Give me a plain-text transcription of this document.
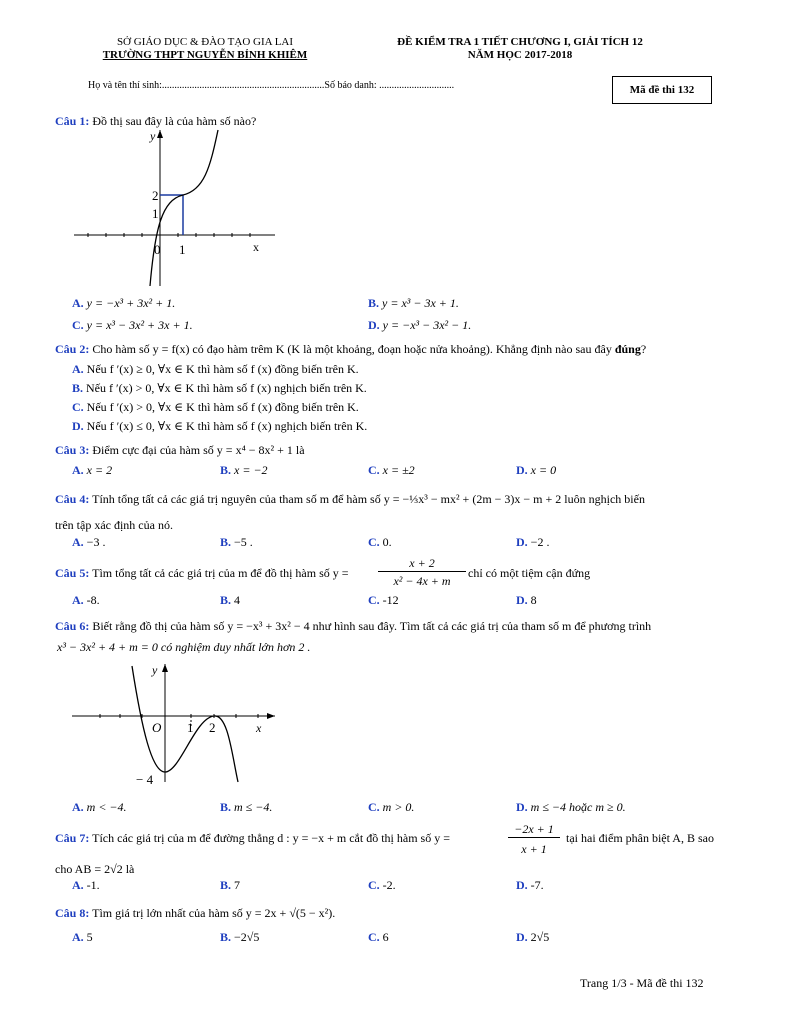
SỞ GIÁO DỤC & ĐÀO TẠO GIA LAI
TRƯỜNG THPT NGUYỄN BỈNH KHIÊM
ĐỀ KIỂM TRA 1 TIẾT CHƯƠNG I, GIẢI TÍCH 12
NĂM HỌC 2017-2018
Họ và tên thí sinh:.................................................................Số báo danh: ..............................	Mã đề thi 132
Câu 1: Đồ thị sau đây là của hàm số nào?
y
x
2
1
0 1
A. y = −x³ + 3x² + 1.	B. y = x³ − 3x + 1.
C. y = x³ − 3x² + 3x + 1.	D. y = −x³ − 3x² − 1.
Câu 2: Cho hàm số y = f(x) có đạo hàm trêm K (K là một khoảng, đoạn hoặc nửa khoảng). Khẳng định nào sau đây đúng?
A. Nếu f ′(x) ≥ 0, ∀x ∈ K thì hàm số f (x) đồng biến trên K.
B. Nếu f ′(x) > 0, ∀x ∈ K thì hàm số f (x) nghịch biến trên K.
C. Nếu f ′(x) > 0, ∀x ∈ K thì hàm số f (x) đồng biến trên K.
D. Nếu f ′(x) ≤ 0, ∀x ∈ K thì hàm số f (x) nghịch biến trên K.
Câu 3: Điểm cực đại của hàm số y = x⁴ − 8x² + 1 là
A. x = 2	B. x = −2	C. x = ±2	D. x = 0
Câu 4: Tính tổng tất cả các giá trị nguyên của tham số m để hàm số y = −⅓x³ − mx² + (2m − 3)x − m + 2 luôn nghịch biến
trên tập xác định của nó.
A. −3 .	B. −5 .	C. 0.	D. −2 .
Câu 5: Tìm tổng tất cả các giá trị của m để đồ thị hàm số y =
x + 2
x² − 4x + m
chỉ có một tiệm cận đứng
A. -8.	B. 4	C. -12	D. 8
Câu 6: Biết rằng đồ thị của hàm số y = −x³ + 3x² − 4 như hình sau đây. Tìm tất cả các giá trị của tham số m để phương trình
x³ − 3x² + 4 + m = 0 có nghiệm duy nhất lớn hơn 2 .
y
x
O 1 2
− 4
A. m < −4.	B. m ≤ −4.	C. m > 0.	D. m ≤ −4 hoặc m ≥ 0.
Câu 7: Tích các giá trị của m để đường thẳng d : y = −x + m cắt đồ thị hàm số y =
−2x + 1
x + 1
tại hai điểm phân biệt A, B sao
cho AB = 2√2 là
A. -1.	B. 7	C. -2.	D. -7.
Câu 8: Tìm giá trị lớn nhất của hàm số y = 2x + √(5 − x²).
A. 5	B. −2√5	C. 6	D. 2√5
Trang 1/3 - Mã đề thi 132
